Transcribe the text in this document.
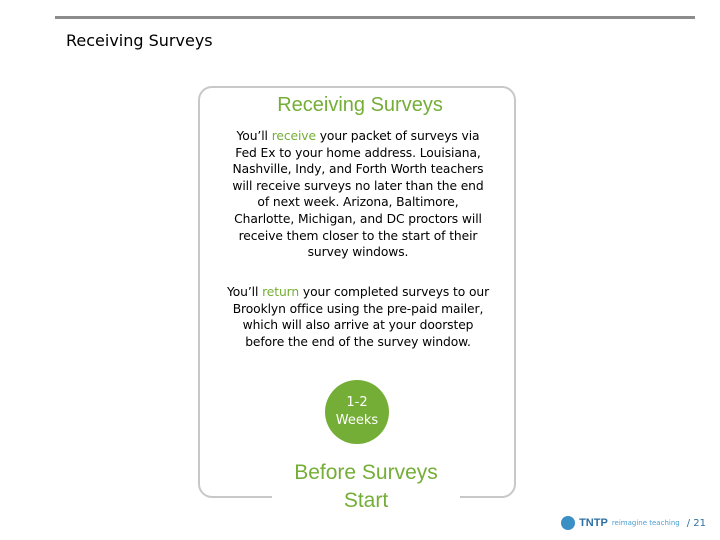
Receiving Surveys
Receiving Surveys
You’ll receive your packet of surveys via Fed Ex to your home address. Louisiana, Nashville, Indy, and Forth Worth teachers will receive surveys no later than the end of next week. Arizona, Baltimore, Charlotte, Michigan, and DC proctors will receive them closer to the start of their survey windows.
You’ll return your completed surveys to our Brooklyn office using the pre-paid mailer, which will also arrive at your doorstep before the end of the survey window.
1-2
Weeks
Before Surveys
Start
TNTP reimagine teaching / 21
